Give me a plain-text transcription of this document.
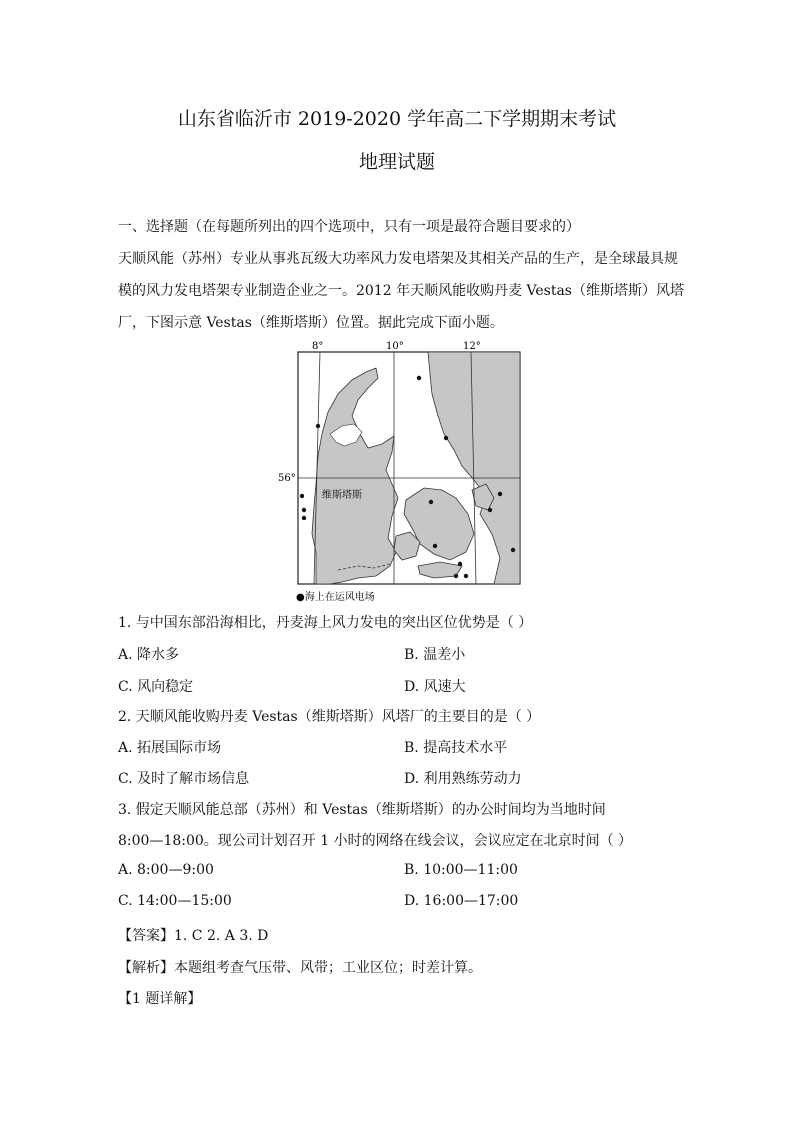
山东省临沂市 2019-2020 学年高二下学期期末考试
地理试题
一、选择题（在每题所列出的四个选项中，只有一项是最符合题目要求的）
天顺风能（苏州）专业从事兆瓦级大功率风力发电塔架及其相关产品的生产，是全球最具规
模的风力发电塔架专业制造企业之一。2012 年天顺风能收购丹麦 Vestas（维斯塔斯）风塔
厂，下图示意 Vestas（维斯塔斯）位置。据此完成下面小题。
8°	10°	12°
56°
维斯塔斯
●海上在运风电场
1. 与中国东部沿海相比，丹麦海上风力发电的突出区位优势是（ ）
A. 降水多	B. 温差小
C. 风向稳定	D. 风速大
2. 天顺风能收购丹麦 Vestas（维斯塔斯）风塔厂的主要目的是（ ）
A. 拓展国际市场	B. 提高技术水平
C. 及时了解市场信息	D. 利用熟练劳动力
3. 假定天顺风能总部（苏州）和 Vestas（维斯塔斯）的办公时间均为当地时间
8:00—18:00。现公司计划召开 1 小时的网络在线会议，会议应定在北京时间（ ）
A. 8:00—9:00	B. 10:00—11:00
C. 14:00—15:00	D. 16:00—17:00
【答案】1. C 2. A 3. D
【解析】本题组考查气压带、风带；工业区位；时差计算。
【1 题详解】
